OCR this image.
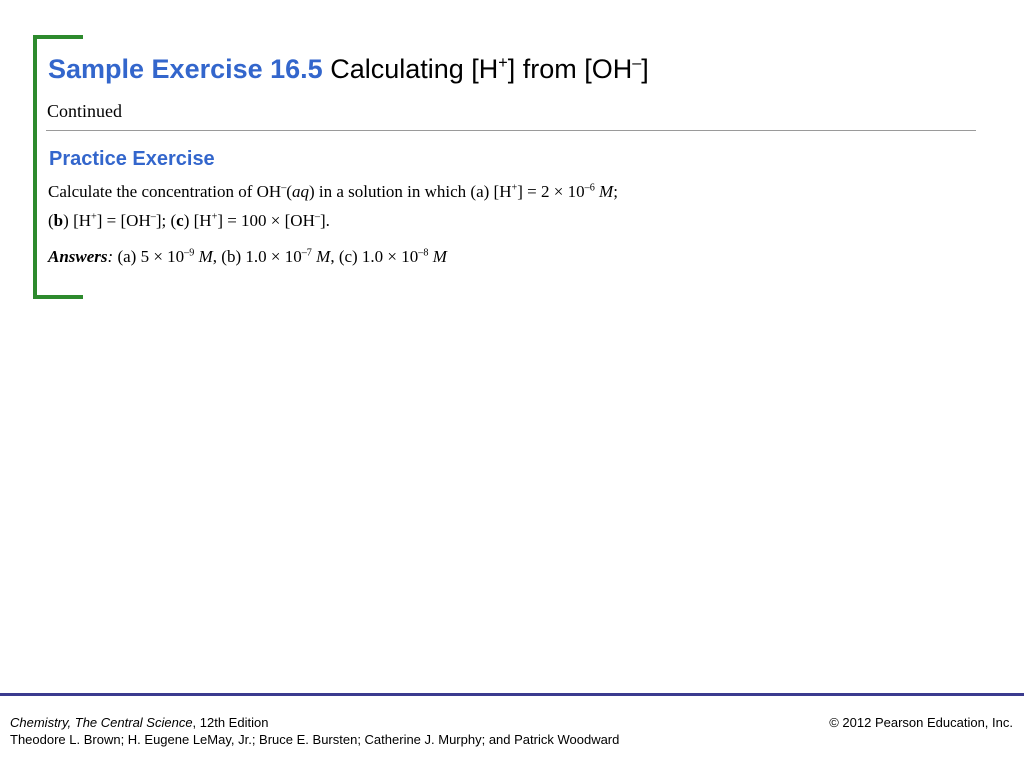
Sample Exercise 16.5 Calculating [H+] from [OH–]
Continued
Practice Exercise
Calculate the concentration of OH–(aq) in a solution in which (a) $[H^+] = 2 \times 10^{-6}$ M;
(b) [H+] = [OH–]; (c) [H+] = 100 × [OH–].
Answers: (a) $5 \times 10^{-9}$ M, (b) $1.0 \times 10^{-7}$ M, (c) $1.0 \times 10^{-8}$ M
Chemistry, The Central Science, 12th Edition
Theodore L. Brown; H. Eugene LeMay, Jr.; Bruce E. Bursten; Catherine J. Murphy; and Patrick Woodward
© 2012 Pearson Education, Inc.
